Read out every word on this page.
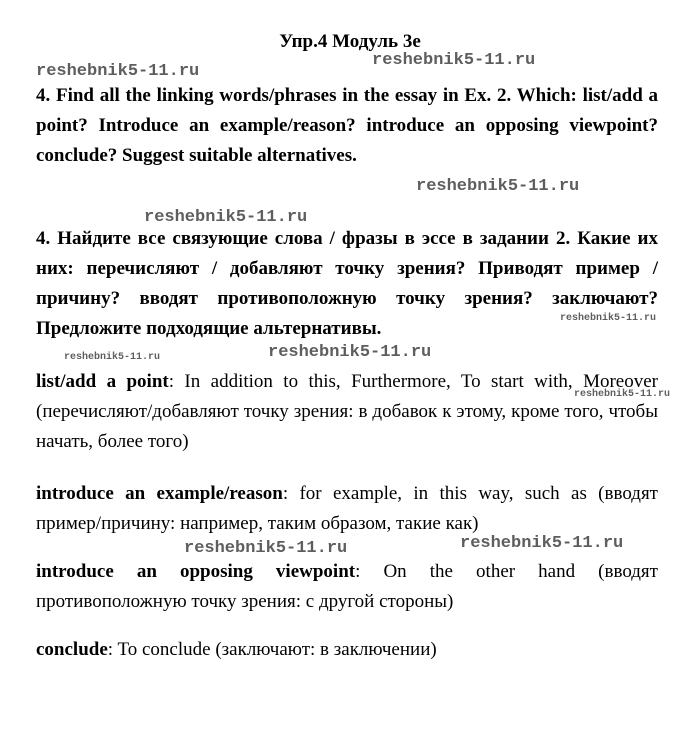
Упр.4 Модуль 3e
reshebnik5-11.ru
reshebnik5-11.ru
reshebnik5-11.ru
reshebnik5-11.ru
reshebnik5-11.ru
reshebnik5-11.ru	reshebnik5-11.ru
reshebnik5-11.ru
reshebnik5-11.ru	reshebnik5-11.ru
4. Find all the linking words/phrases in the essay in Ex. 2. Which: list/add a point? Introduce an example/reason? introduce an opposing viewpoint? conclude? Suggest suitable alternatives.
4. Найдите все связующие слова / фразы в эссе в задании 2. Какие их них: перечисляют / добавляют точку зрения? Приводят пример / причину? вводят противоположную точку зрения? заключают? Предложите подходящие альтернативы.
list/add a point: In addition to this, Furthermore, To start with, Moreover (перечисляют/добавляют точку зрения: в добавок к этому, кроме того, чтобы начать, более того)
introduce an example/reason: for example, in this way, such as (вводят пример/причину: например, таким образом, такие как)
introduce an opposing viewpoint: On the other hand (вводят противоположную точку зрения: с другой стороны)
conclude: To conclude (заключают: в заключении)
